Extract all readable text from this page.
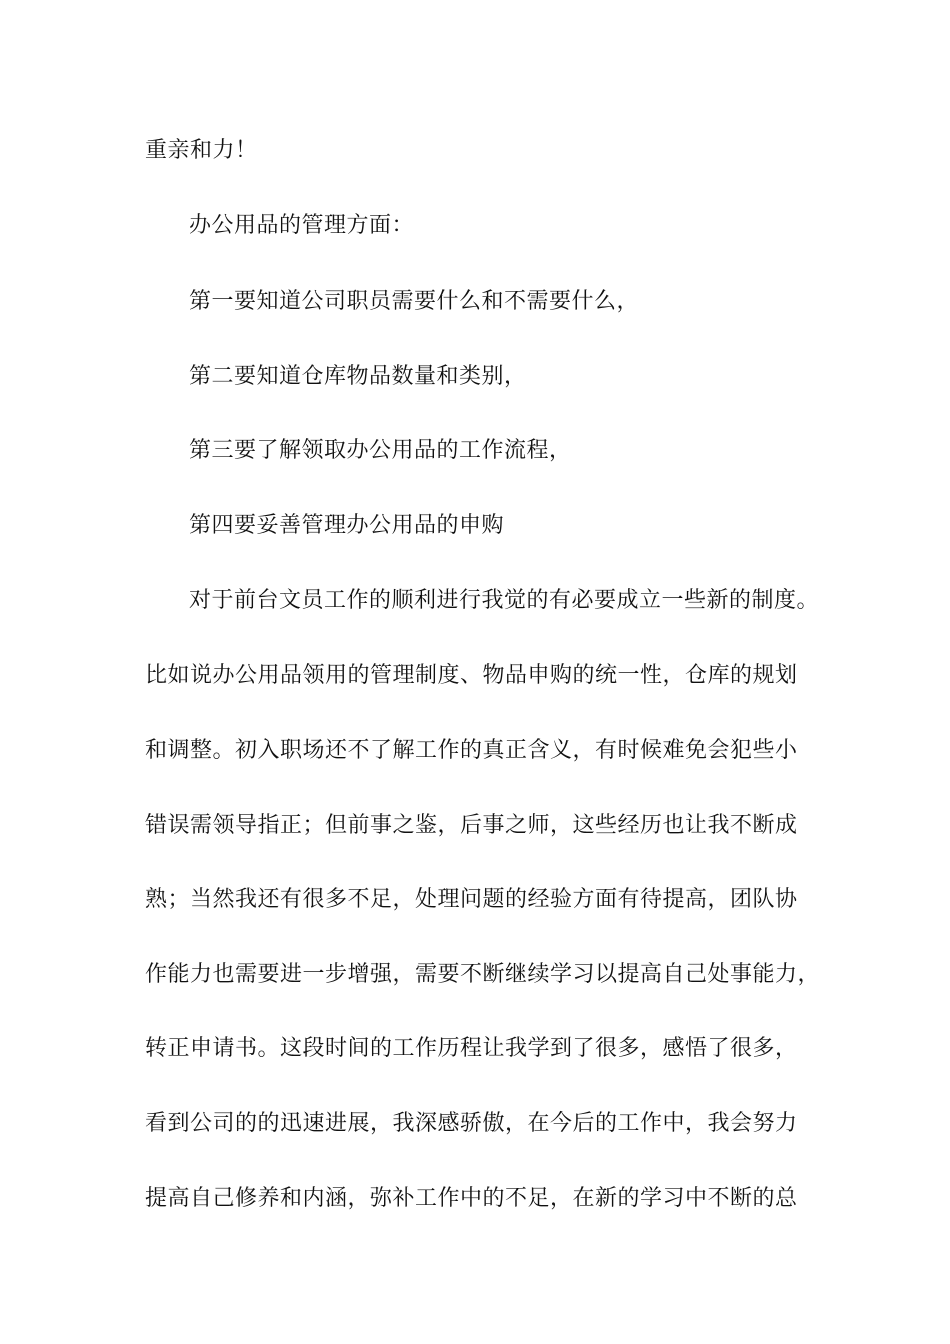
重亲和力！
办公用品的管理方面：
第一要知道公司职员需要什么和不需要什么，
第二要知道仓库物品数量和类别，
第三要了解领取办公用品的工作流程，
第四要妥善管理办公用品的申购
对于前台文员工作的顺利进行我觉的有必要成立一些新的制度。
比如说办公用品领用的管理制度、物品申购的统一性，仓库的规划
和调整。初入职场还不了解工作的真正含义，有时候难免会犯些小
错误需领导指正；但前事之鉴，后事之师，这些经历也让我不断成
熟；当然我还有很多不足，处理问题的经验方面有待提高，团队协
作能力也需要进一步增强，需要不断继续学习以提高自己处事能力，
转正申请书。这段时间的工作历程让我学到了很多，感悟了很多，
看到公司的的迅速进展，我深感骄傲，在今后的工作中，我会努力
提高自己修养和内涵，弥补工作中的不足，在新的学习中不断的总
